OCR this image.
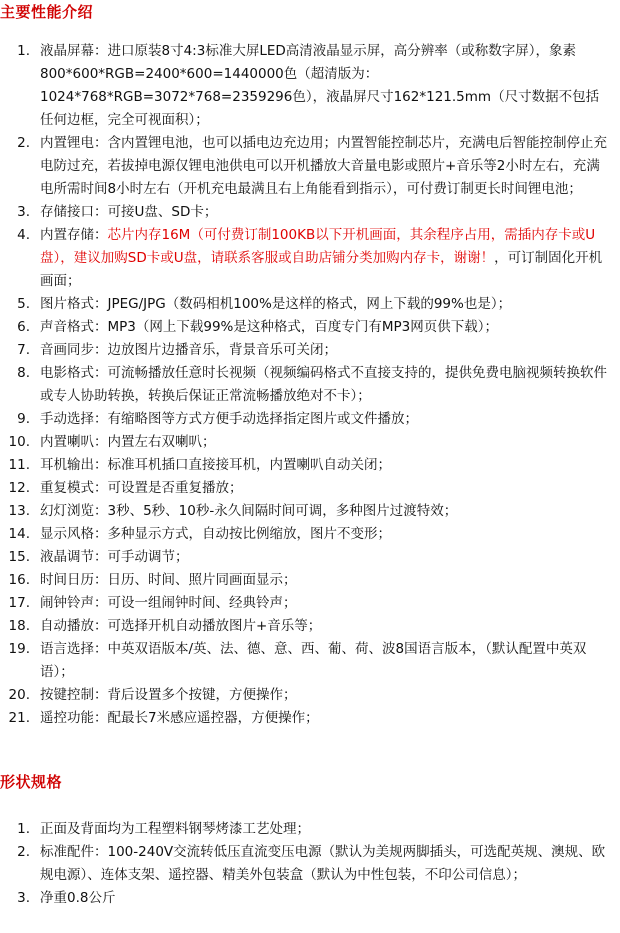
主要性能介绍
1. 液晶屏幕：进口原装8寸4:3标准大屏LED高清液晶显示屏，高分辨率（或称数字屏），象素800*600*RGB=2400*600=1440000色（超清版为：1024*768*RGB=3072*768=2359296色），液晶屏尺寸162*121.5mm（尺寸数据不包括任何边框，完全可视面积）；
2. 内置锂电：含内置锂电池，也可以插电边充边用；内置智能控制芯片，充满电后智能控制停止充电防过充，若拔掉电源仅锂电池供电可以开机播放大音量电影或照片+音乐等2小时左右，充满电所需时间8小时左右（开机充电最满且右上角能看到指示），可付费订制更长时间锂电池；
3. 存储接口：可接U盘、SD卡；
4. 内置存储：芯片内存16M（可付费订制100KB以下开机画面，其余程序占用，需插内存卡或U盘），建议加购SD卡或U盘，请联系客服或自助店铺分类加购内存卡，谢谢！，可订制固化开机画面；
5. 图片格式：JPEG/JPG（数码相机100%是这样的格式，网上下载的99%也是）；
6. 声音格式：MP3（网上下载99%是这种格式，百度专门有MP3网页供下载）；
7. 音画同步：边放图片边播音乐，背景音乐可关闭；
8. 电影格式：可流畅播放任意时长视频（视频编码格式不直接支持的，提供免费电脑视频转换软件或专人协助转换，转换后保证正常流畅播放绝对不卡）；
9. 手动选择：有缩略图等方式方便手动选择指定图片或文件播放；
10. 内置喇叭：内置左右双喇叭；
11. 耳机输出：标准耳机插口直接接耳机，内置喇叭自动关闭；
12. 重复模式：可设置是否重复播放；
13. 幻灯浏览：3秒、5秒、10秒-永久间隔时间可调，多种图片过渡特效；
14. 显示风格：多种显示方式，自动按比例缩放，图片不变形；
15. 液晶调节：可手动调节；
16. 时间日历：日历、时间、照片同画面显示；
17. 闹钟铃声：可设一组闹钟时间、经典铃声；
18. 自动播放：可选择开机自动播放图片+音乐等；
19. 语言选择：中英双语版本/英、法、德、意、西、葡、荷、波8国语言版本，（默认配置中英双语）；
20. 按键控制：背后设置多个按键，方便操作；
21. 遥控功能：配最长7米感应遥控器，方便操作；
形状规格
1. 正面及背面均为工程塑料钢琴烤漆工艺处理；
2. 标准配件：100-240V交流转低压直流变压电源（默认为美规两脚插头，可选配英规、澳规、欧规电源）、连体支架、遥控器、精美外包装盒（默认为中性包装，不印公司信息）；
3. 净重0.8公斤
